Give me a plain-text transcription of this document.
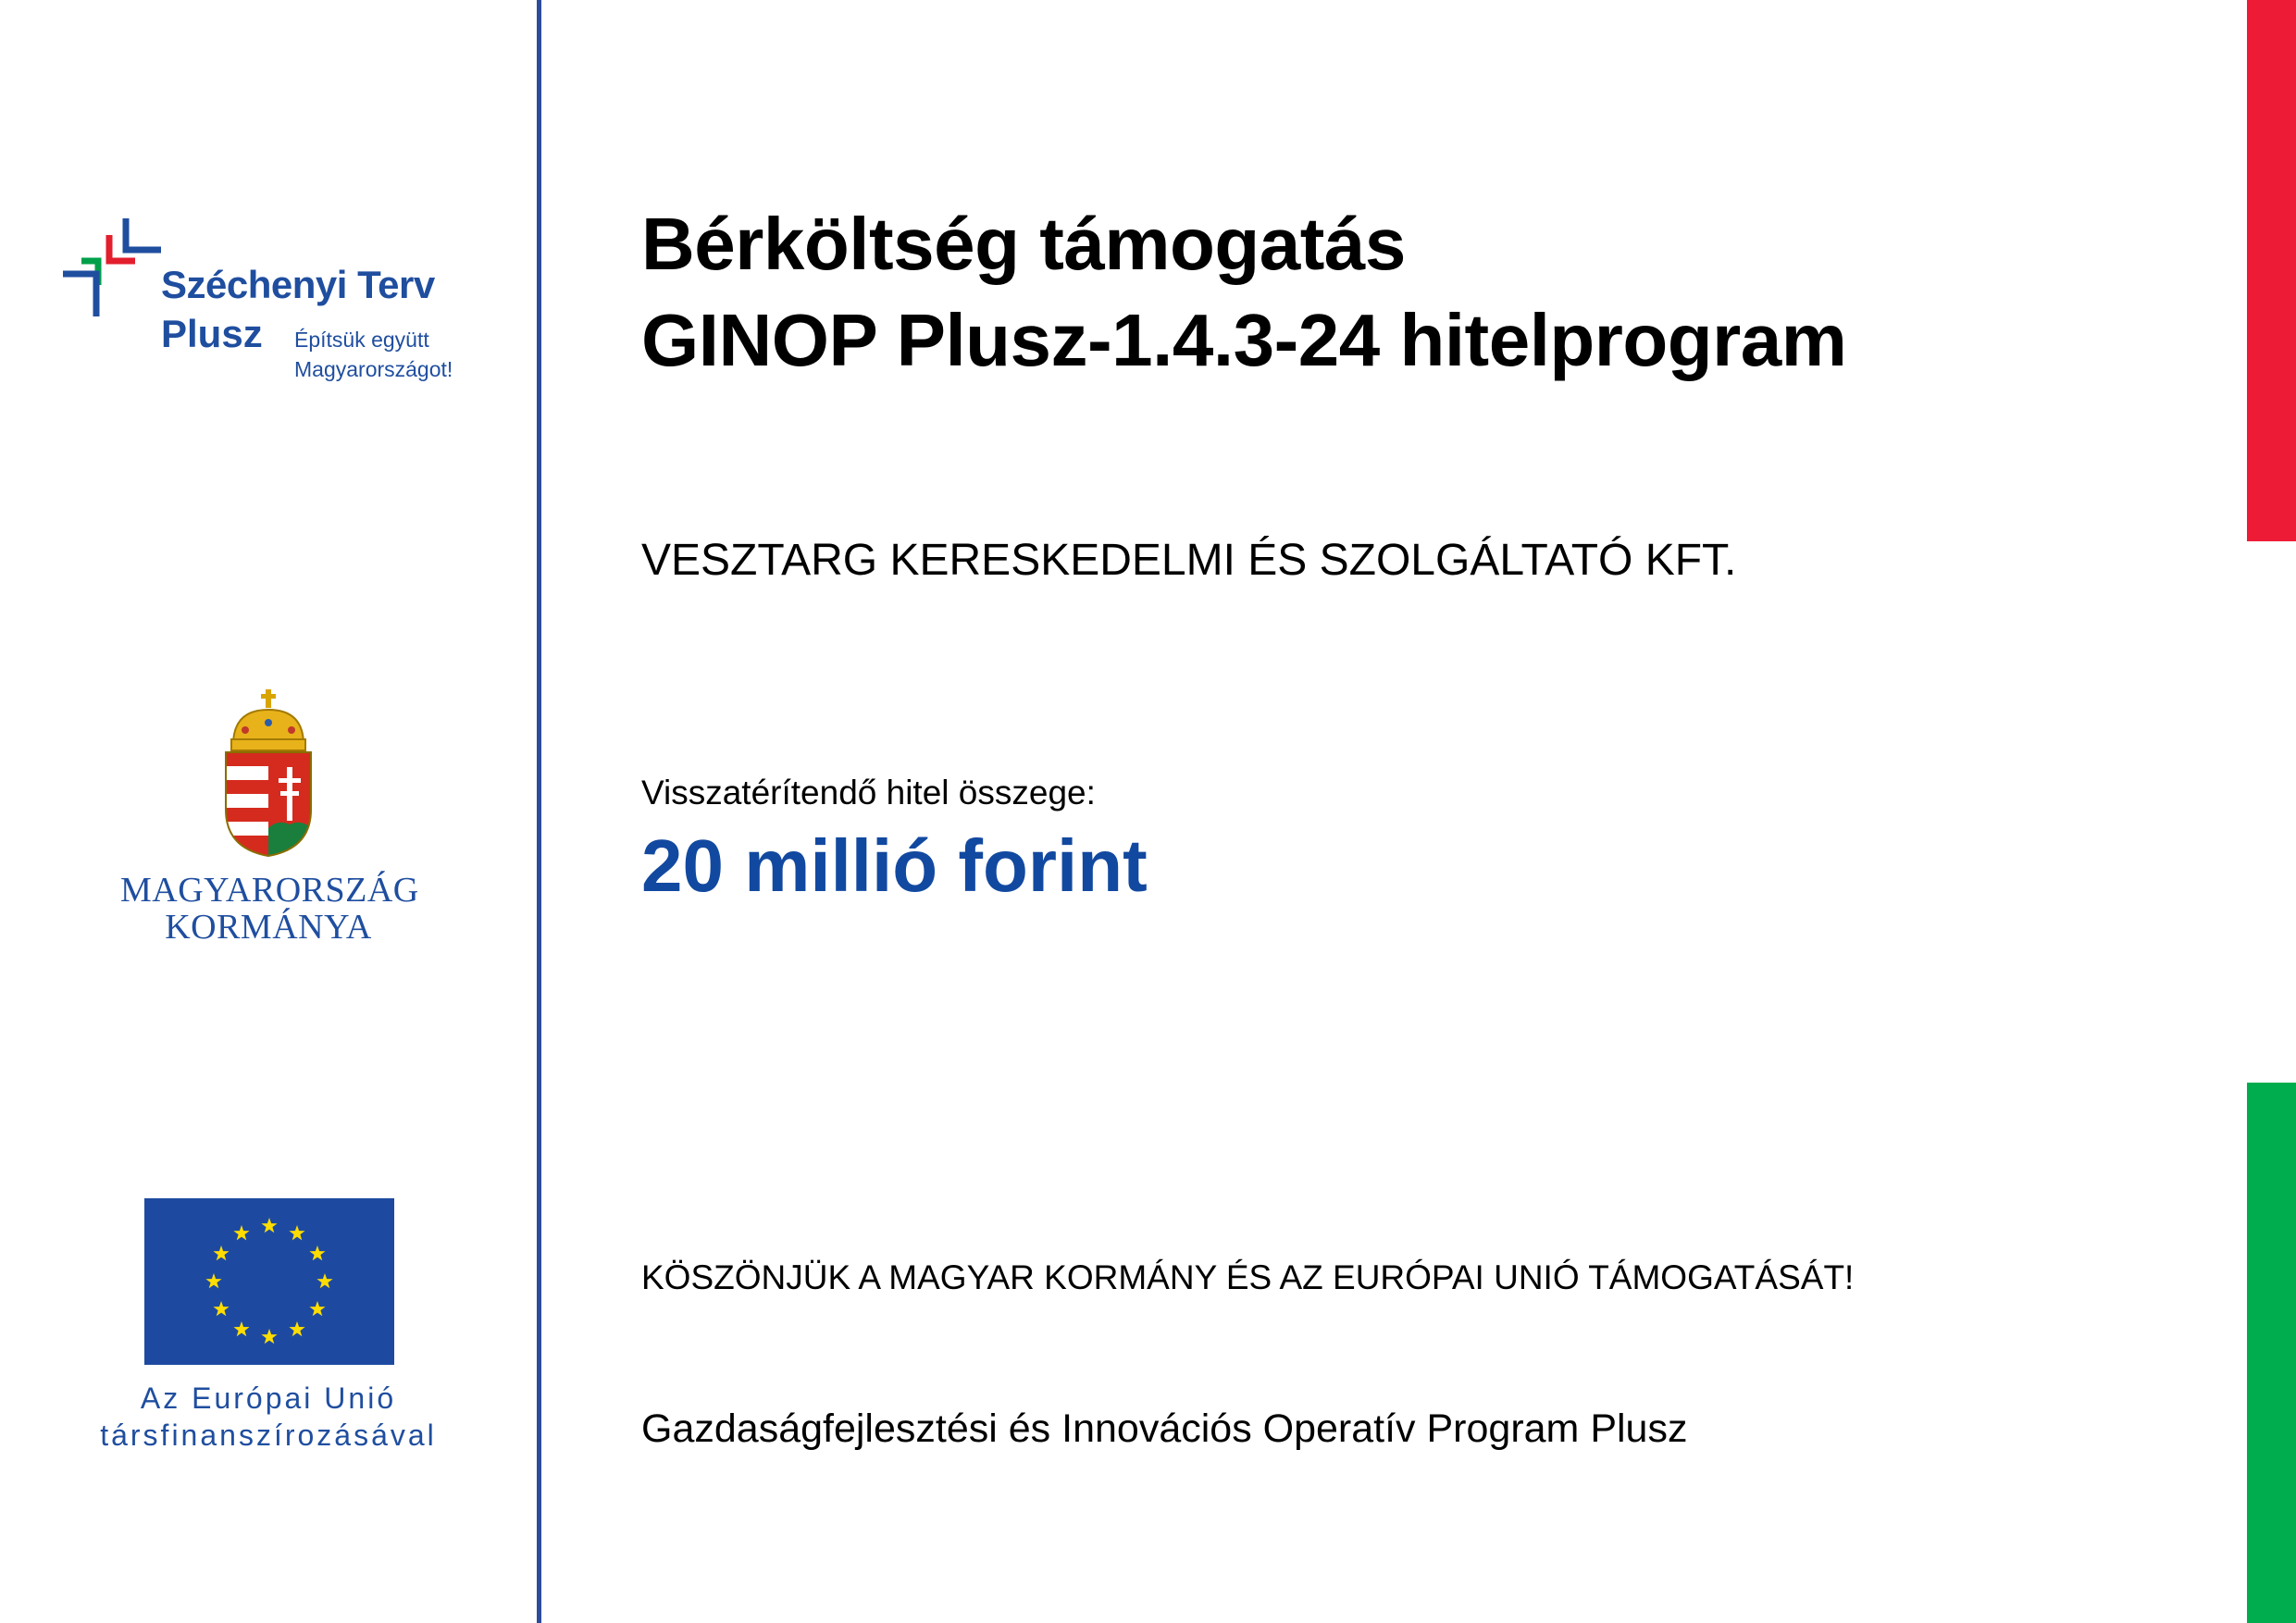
Széchenyi Terv
Plusz Építsük együtt
Magyarországot!
MAGYARORSZÁG
KORMÁNYA
Az Európai Unió
társfinanszírozásával
Bérköltség támogatás
GINOP Plusz-1.4.3-24 hitelprogram
VESZTARG KERESKEDELMI ÉS SZOLGÁLTATÓ KFT.
Visszatérítendő hitel összege:
20 millió forint
KÖSZÖNJÜK A MAGYAR KORMÁNY ÉS AZ EURÓPAI UNIÓ TÁMOGATÁSÁT!
Gazdaságfejlesztési és Innovációs Operatív Program Plusz
